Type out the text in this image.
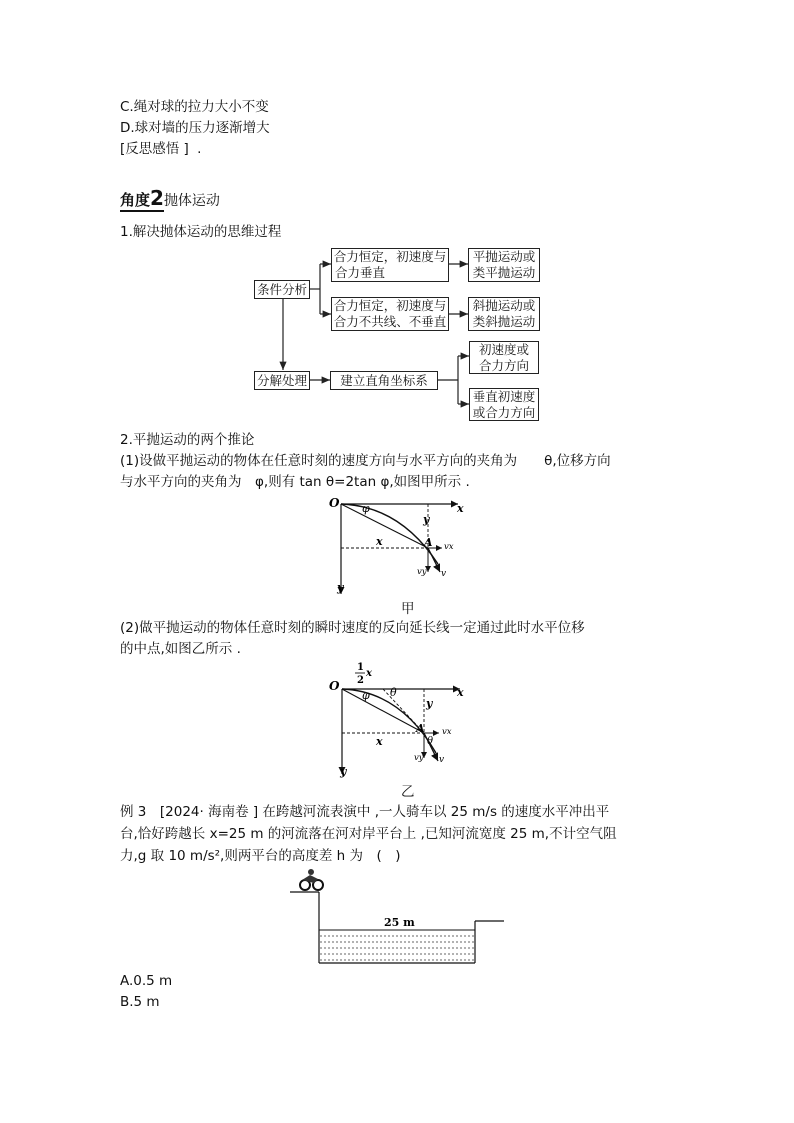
C.绳对球的拉力大小不变
D.球对墙的压力逐渐增大
[反思感悟 ] .
角度2抛体运动
1.解决抛体运动的思维过程
条件分析
合力恒定，初速度与
合力垂直
平抛运动或
类平抛运动
合力恒定，初速度与
合力不共线、不垂直
斜抛运动或
类斜抛运动
分解处理	建立直角坐标系
初速度或
合力方向
垂直初速度
或合力方向
2.平抛运动的两个推论
(1)设做平抛运动的物体在任意时刻的速度方向与水平方向的夹角为　　θ,位移方向
与水平方向的夹角为　φ,则有 tan θ=2tan φ,如图甲所示 .
O	x
y
φ
y
x	A vx
vy v
甲
(2)做平抛运动的物体任意时刻的瞬时速度的反向延长线一定通过此时水平位移
的中点,如图乙所示 .
1
2
x
O	x
y
φ θ
y
x
A
θ
vx
vy v
乙
例 3　[2024· 海南卷 ] 在跨越河流表演中 ,一人骑车以 25 m/s 的速度水平冲出平
台,恰好跨越长 x=25 m 的河流落在河对岸平台上 ,已知河流宽度 25 m,不计空气阻
力,g 取 10 m/s²,则两平台的高度差 h 为　(　)
25 m
A.0.5 m
B.5 m
